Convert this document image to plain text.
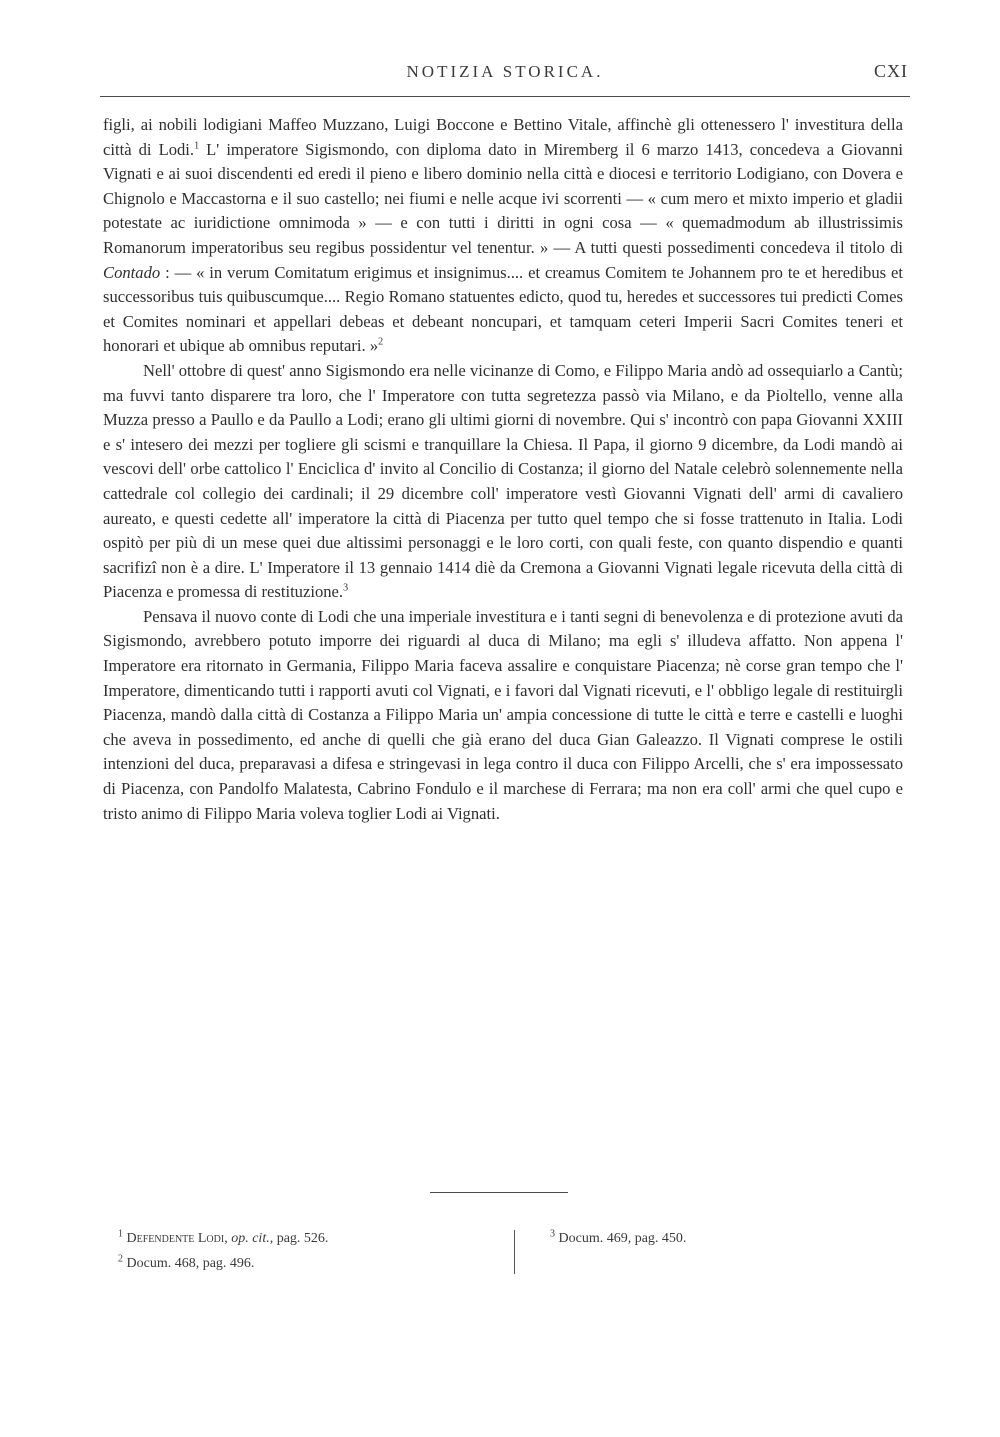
NOTIZIA STORICA.	CXI

figli, ai nobili lodigiani Maffeo Muzzano, Luigi Boccone e Bettino Vitale, affinchè gli ottenessero l' investitura della città di Lodi.$^1$ L' imperatore Sigismondo, con diploma dato in Miremberg il 6 marzo 1413, concedeva a Giovanni Vignati e ai suoi discendenti ed eredi il pieno e libero dominio nella città e diocesi e territorio Lodigiano, con Dovera e Chignolo e Maccastorna e il suo castello; nei fiumi e nelle acque ivi scorrenti — « cum mero et mixto imperio et gladii potestate ac iuridictione omnimoda » — e con tutti i diritti in ogni cosa — « quemadmodum ab illustrissimis Romanorum imperatoribus seu regibus possidentur vel tenentur. » — A tutti questi possedimenti concedeva il titolo di Contado : — « in verum Comitatum erigimus et insignimus.... et creamus Comitem te Johannem pro te et heredibus et successoribus tuis quibuscumque.... Regio Romano statuentes edicto, quod tu, heredes et successores tui predicti Comes et Comites nominari et appellari debeas et debeant noncupari, et tamquam ceteri Imperii Sacri Comites teneri et honorari et ubique ab omnibus reputari. »$^2$

Nell' ottobre di quest' anno Sigismondo era nelle vicinanze di Como, e Filippo Maria andò ad ossequiarlo a Cantù; ma fuvvi tanto disparere tra loro, che l' Imperatore con tutta segretezza passò via Milano, e da Pioltello, venne alla Muzza presso a Paullo e da Paullo a Lodi; erano gli ultimi giorni di novembre. Qui s' incontrò con papa Giovanni XXIII e s' intesero dei mezzi per togliere gli scismi e tranquillare la Chiesa. Il Papa, il giorno 9 dicembre, da Lodi mandò ai vescovi dell' orbe cattolico l' Enciclica d' invito al Concilio di Costanza; il giorno del Natale celebrò solennemente nella cattedrale col collegio dei cardinali; il 29 dicembre coll' imperatore vestì Giovanni Vignati dell' armi di cavaliero aureato, e questi cedette all' imperatore la città di Piacenza per tutto quel tempo che si fosse trattenuto in Italia. Lodi ospitò per più di un mese quei due altissimi personaggi e le loro corti, con quali feste, con quanto dispendio e quanti sacrifizî non è a dire. L' Imperatore il 13 gennaio 1414 diè da Cremona a Giovanni Vignati legale ricevuta della città di Piacenza e promessa di restituzione.$^3$

Pensava il nuovo conte di Lodi che una imperiale investitura e i tanti segni di benevolenza e di protezione avuti da Sigismondo, avrebbero potuto imporre dei riguardi al duca di Milano; ma egli s' illudeva affatto. Non appena l' Imperatore era ritornato in Germania, Filippo Maria faceva assalire e conquistare Piacenza; nè corse gran tempo che l' Imperatore, dimenticando tutti i rapporti avuti col Vignati, e i favori dal Vignati ricevuti, e l' obbligo legale di restituirgli Piacenza, mandò dalla città di Costanza a Filippo Maria un' ampia concessione di tutte le città e terre e castelli e luoghi che aveva in possedimento, ed anche di quelli che già erano del duca Gian Galeazzo. Il Vignati comprese le ostili intenzioni del duca, preparavasi a difesa e stringevasi in lega contro il duca con Filippo Arcelli, che s' era impossessato di Piacenza, con Pandolfo Malatesta, Cabrino Fondulo e il marchese di Ferrara; ma non era coll' armi che quel cupo e tristo animo di Filippo Maria voleva toglier Lodi ai Vignati.

$^1$ Defendente Lodi, op. cit., pag. 526.
$^2$ Docum. 468, pag. 496.
$^3$ Docum. 469, pag. 450.
